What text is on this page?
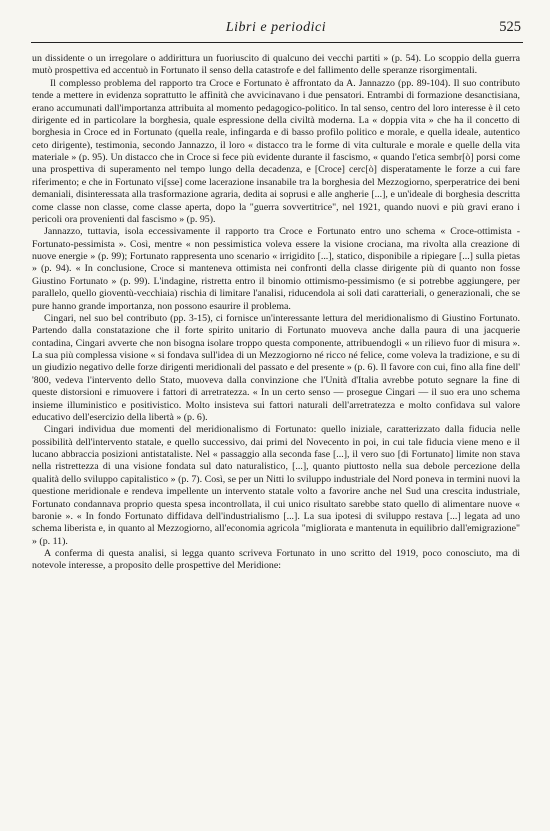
Libri e periodici	525

un dissidente o un irregolare o addirittura un fuoriuscito di qualcuno dei vecchi partiti » (p. 54). Lo scoppio della guerra mutò prospettiva ed accentuò in Fortunato il senso della catastrofe e del fallimento delle speranze risorgimentali.

Il complesso problema del rapporto tra Croce e Fortunato è affrontato da A. Jannazzo (pp. 89-104). Il suo contributo tende a mettere in evidenza soprattutto le affinità che avvicinavano i due pensatori. Entrambi di formazione desanctisiana, erano accumunati dall'importanza attribuita al momento pedagogico-politico. In tal senso, centro del loro interesse è il ceto dirigente ed in particolare la borghesia, quale espressione della civiltà moderna. La « doppia vita » che ha il concetto di borghesia in Croce ed in Fortunato (quella reale, infingarda e di basso profilo politico e morale, e quella ideale, autentico ceto dirigente), testimonia, secondo Jannazzo, il loro « distacco tra le forme di vita culturale e morale e quelle della vita materiale » (p. 95). Un distacco che in Croce si fece più evidente durante il fascismo, « quando l'etica sembr[ò] porsi come una prospettiva di superamento nel tempo lungo della decadenza, e [Croce] cerc[ò] disperatamente le forze a cui fare riferimento; e che in Fortunato vi[sse] come lacerazione insanabile tra la borghesia del Mezzogiorno, sperperatrice dei beni demaniali, disinteressata alla trasformazione agraria, dedita ai soprusi e alle angherie [...], e un'ideale di borghesia descritta come classe non classe, come classe aperta, dopo la "guerra sovvertitrice", nel 1921, quando nuovi e più gravi erano i pericoli ora provenienti dal fascismo » (p. 95).

Jannazzo, tuttavia, isola eccessivamente il rapporto tra Croce e Fortunato entro uno schema « Croce-ottimista - Fortunato-pessimista ». Così, mentre « non pessimistica voleva essere la visione crociana, ma rivolta alla creazione di nuove energie » (p. 99); Fortunato rappresenta uno scenario « irrigidito [...], statico, disponibile a ripiegare [...] sulla pietas » (p. 94). « In conclusione, Croce si manteneva ottimista nei confronti della classe dirigente più di quanto non fosse Giustino Fortunato » (p. 99). L'indagine, ristretta entro il binomio ottimismo-pessimismo (e si potrebbe aggiungere, per parallelo, quello gioventù-vecchiaia) rischia di limitare l'analisi, riducendola ai soli dati caratteriali, o generazionali, che se pure hanno grande importanza, non possono esaurire il problema.

Cingari, nel suo bel contributo (pp. 3-15), ci fornisce un'interessante lettura del meridionalismo di Giustino Fortunato. Partendo dalla constatazione che il forte spirito unitario di Fortunato muoveva anche dalla paura di una jacquerie contadina, Cingari avverte che non bisogna isolare troppo questa componente, attribuendogli « un rilievo fuor di misura ». La sua più complessa visione « si fondava sull'idea di un Mezzogiorno né ricco né felice, come voleva la tradizione, e su di un giudizio negativo delle forze dirigenti meridionali del passato e del presente » (p. 6). Il favore con cui, fino alla fine dell' '800, vedeva l'intervento dello Stato, muoveva dalla convinzione che l'Unità d'Italia avrebbe potuto segnare la fine di queste distorsioni e rimuovere i fattori di arretratezza. « In un certo senso — prosegue Cingari — il suo era uno schema insieme illuministico e positivistico. Molto insisteva sui fattori naturali dell'arretratezza e molto confidava sul valore educativo dell'esercizio della libertà » (p. 6).

Cingari individua due momenti del meridionalismo di Fortunato: quello iniziale, caratterizzato dalla fiducia nelle possibilità dell'intervento statale, e quello successivo, dai primi del Novecento in poi, in cui tale fiducia viene meno e il lucano abbraccia posizioni antistataliste. Nel « passaggio alla seconda fase [...], il vero suo [di Fortunato] limite non stava nella ristrettezza di una visione fondata sul dato naturalistico, [...], quanto piuttosto nella sua debole percezione della qualità dello sviluppo capitalistico » (p. 7). Così, se per un Nitti lo sviluppo industriale del Nord poneva in termini nuovi la questione meridionale e rendeva impellente un intervento statale volto a favorire anche nel Sud una crescita industriale, Fortunato condannava proprio questa spesa incontrollata, il cui unico risultato sarebbe stato quello di alimentare nuove « baronie ». « In fondo Fortunato diffidava dell'industrialismo [...]. La sua ipotesi di sviluppo restava [...] legata ad uno schema liberista e, in quanto al Mezzogiorno, all'economia agricola "migliorata e mantenuta in equilibrio dall'emigrazione" » (p. 11).

A conferma di questa analisi, si legga quanto scriveva Fortunato in uno scritto del 1919, poco conosciuto, ma di notevole interesse, a proposito delle prospettive del Meridione:
